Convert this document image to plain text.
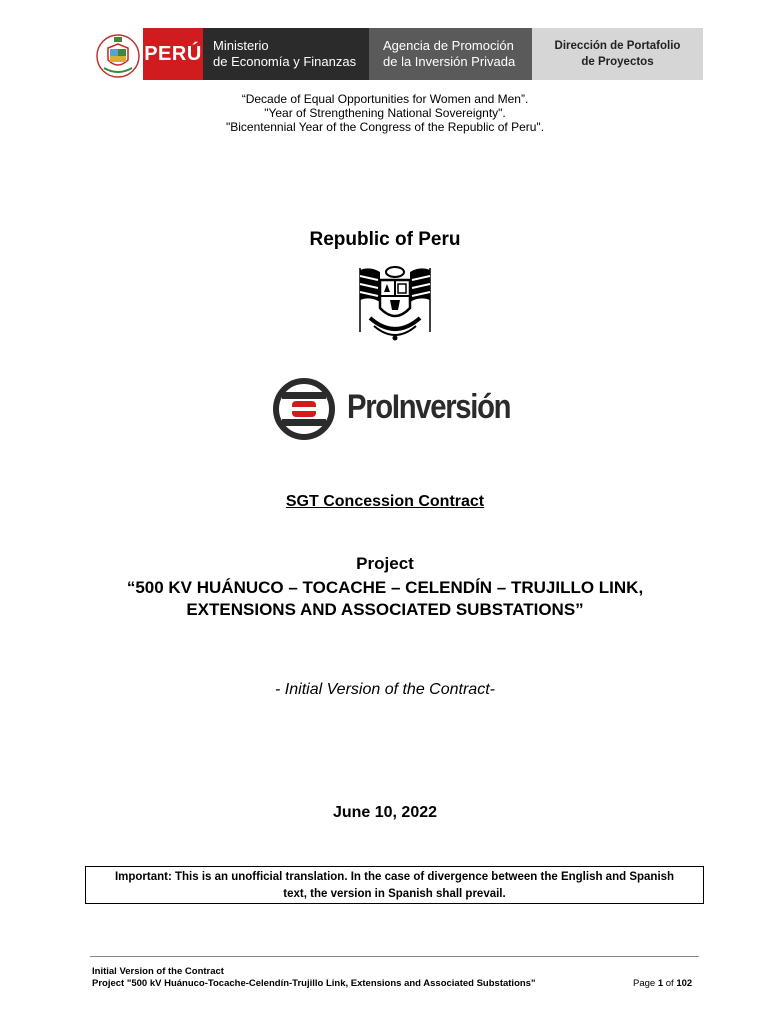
PERÚ Ministerio
de Economía y Finanzas
Agencia de Promoción
de la Inversión Privada
Dirección de Portafolio
de Proyectos
“Decade of Equal Opportunities for Women and Men”.
"Year of Strengthening National Sovereignty".
"Bicentennial Year of the Congress of the Republic of Peru".
Republic of Peru
ProInversión
SGT Concession Contract
Project
“500 KV HUÁNUCO – TOCACHE – CELENDÍN – TRUJILLO LINK,
EXTENSIONS AND ASSOCIATED SUBSTATIONS”
- Initial Version of the Contract-
June 10, 2022
Important: This is an unofficial translation. In the case of divergence between the English and Spanish
text, the version in Spanish shall prevail.
Initial Version of the Contract
Project "500 kV Huánuco-Tocache-Celendín-Trujillo Link, Extensions and Associated Substations"	Page 1 of 102
